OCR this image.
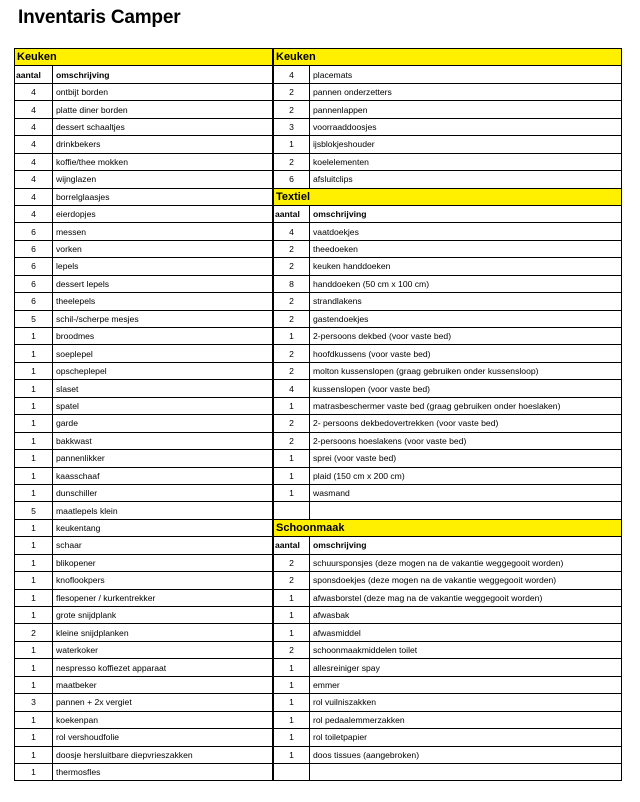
Inventaris Camper
Keuken	
aantal	omschrijving
4	ontbijt borden
4	platte diner borden
4	dessert schaaltjes
4	drinkbekers
4	koffie/thee mokken
4	wijnglazen
4	borrelglaasjes
4	eierdopjes
6	messen
6	vorken
6	lepels
6	dessert lepels
6	theelepels
5	schil-/scherpe mesjes
1	broodmes
1	soeplepel
1	opscheplepel
1	slaset
1	spatel
1	garde
1	bakkwast
1	pannenlikker
1	kaasschaaf
1	dunschiller
5	maatlepels klein
1	keukentang
1	schaar
1	blikopener
1	knoflookpers
1	flesopener / kurkentrekker
1	grote snijdplank
2	kleine snijdplanken
1	waterkoker
1	nespresso koffiezet apparaat
1	maatbeker
3	pannen + 2x vergiet
1	koekenpan
1	rol vershoudfolie
1	doosje hersluitbare diepvrieszakken
1	thermosfles
Keuken	
4	placemats
2	pannen onderzetters
2	pannenlappen
3	voorraaddoosjes
1	ijsblokjeshouder
2	koelelementen
6	afsluitclips
Textiel	
aantal	omschrijving
4	vaatdoekjes
2	theedoeken
2	keuken handdoeken
8	handdoeken (50 cm x 100 cm)
2	strandlakens
2	gastendoekjes
1	2-persoons dekbed (voor vaste bed)
2	hoofdkussens (voor vaste bed)
2	molton kussenslopen (graag gebruiken onder kussensloop)
4	kussenslopen (voor vaste bed)
1	matrasbeschermer vaste bed (graag gebruiken onder hoeslaken)
2	2- persoons dekbedovertrekken (voor vaste bed)
2	2-persoons hoeslakens (voor vaste bed)
1	sprei (voor vaste bed)
1	plaid (150 cm x 200 cm)
1	wasmand

Schoonmaak	
aantal	omschrijving
2	schuursponsjes (deze mogen na de vakantie weggegooit worden)
2	sponsdoekjes (deze mogen na de vakantie weggegooit worden)
1	afwasborstel (deze mag na de vakantie weggegooit worden)
1	afwasbak
1	afwasmiddel
2	schoonmaakmiddelen toilet
1	allesreiniger spay
1	emmer
1	rol vuilniszakken
1	rol pedaalemmerzakken
1	rol toiletpapier
1	doos tissues (aangebroken)
